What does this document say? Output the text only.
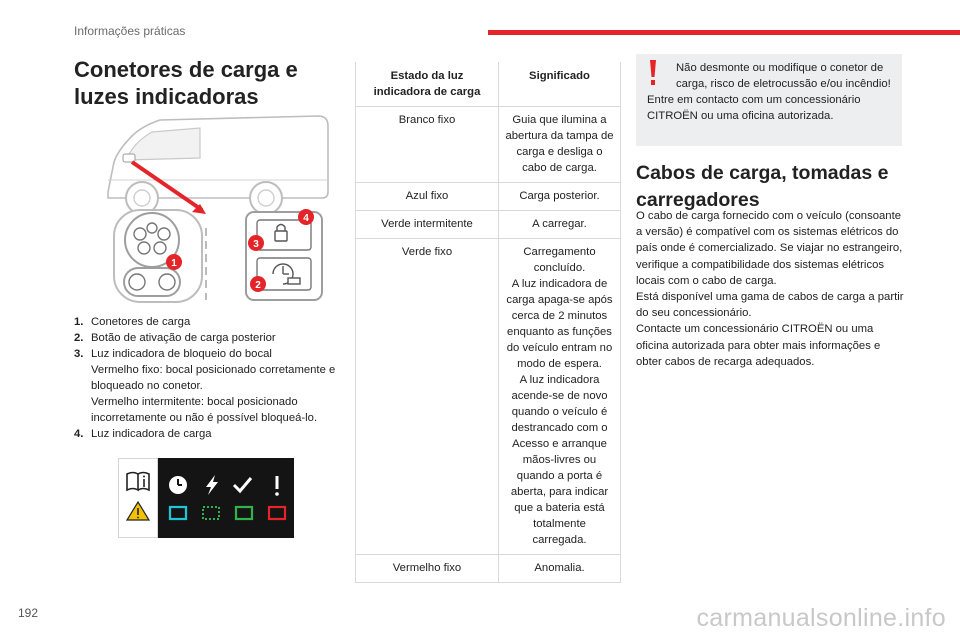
Informações práticas
Conetores de carga e luzes indicadoras
1
4
3
2
1. Conetores de carga
2. Botão de ativação de carga posterior
3. Luz indicadora de bloqueio do bocal
Vermelho fixo: bocal posicionado corretamente e bloqueado no conetor.
Vermelho intermitente: bocal posicionado incorretamente ou não é possível bloqueá-lo.
4. Luz indicadora de carga
Estado da luz indicadora de carga	Significado
Branco fixo	Guia que ilumina a abertura da tampa de carga e desliga o cabo de carga.
Azul fixo	Carga posterior.
Verde intermitente	A carregar.
Verde fixo	Carregamento concluído.
A luz indicadora de carga apaga-se após cerca de 2 minutos enquanto as funções do veículo entram no modo de espera.
A luz indicadora acende-se de novo quando o veículo é destrancado com o Acesso e arranque mãos-livres ou quando a porta é aberta, para indicar que a bateria está totalmente carregada.
Vermelho fixo	Anomalia.
Não desmonte ou modifique o conetor de carga, risco de eletrocussão e/ou incêndio!
Entre em contacto com um concessionário CITROËN ou uma oficina autorizada.
Cabos de carga, tomadas e carregadores
O cabo de carga fornecido com o veículo (consoante a versão) é compatível com os sistemas elétricos do país onde é comercializado. Se viajar no estrangeiro, verifique a compatibilidade dos sistemas elétricos locais com o cabo de carga.
Está disponível uma gama de cabos de carga a partir do seu concessionário.
Contacte um concessionário CITROËN ou uma oficina autorizada para obter mais informações e obter cabos de recarga adequados.
192	carmanualsonline.info
